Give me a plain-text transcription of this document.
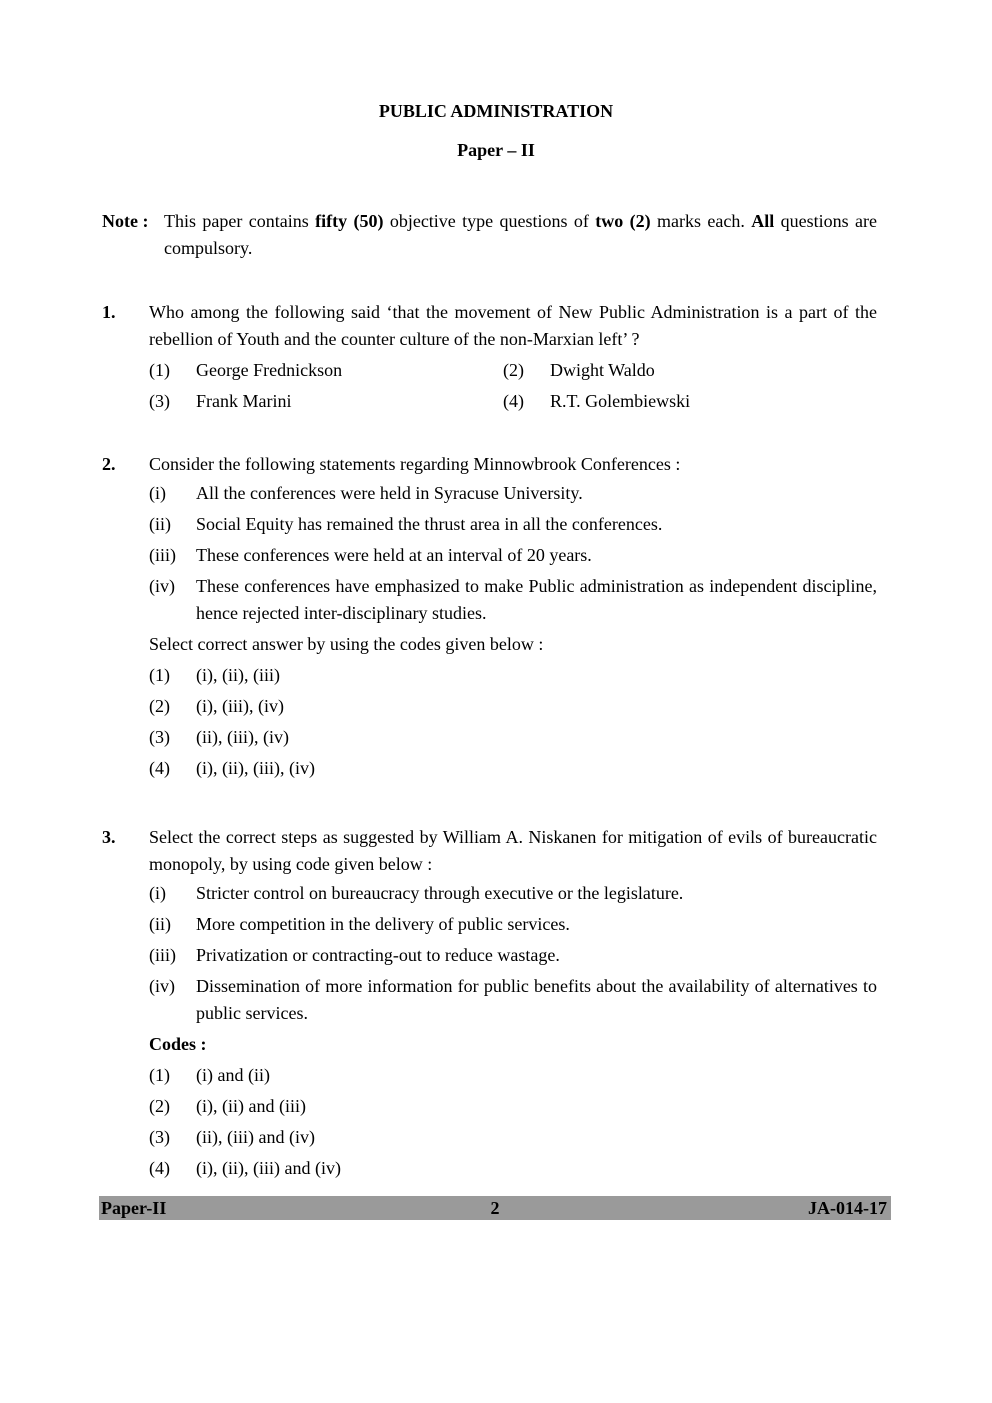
PUBLIC ADMINISTRATION
Paper – II
Note : This paper contains fifty (50) objective type questions of two (2) marks each. All questions are compulsory.
1. Who among the following said ‘that the movement of New Public Administration is a part of the rebellion of Youth and the counter culture of the non-Marxian left’ ?
(1) George Frednickson	(2) Dwight Waldo
(3) Frank Marini	(4) R.T. Golembiewski
2. Consider the following statements regarding Minnowbrook Conferences :
(i) All the conferences were held in Syracuse University.
(ii) Social Equity has remained the thrust area in all the conferences.
(iii) These conferences were held at an interval of 20 years.
(iv) These conferences have emphasized to make Public administration as independent discipline, hence rejected inter-disciplinary studies.
Select correct answer by using the codes given below :
(1) (i), (ii), (iii)
(2) (i), (iii), (iv)
(3) (ii), (iii), (iv)
(4) (i), (ii), (iii), (iv)
3. Select the correct steps as suggested by William A. Niskanen for mitigation of evils of bureaucratic monopoly, by using code given below :
(i) Stricter control on bureaucracy through executive or the legislature.
(ii) More competition in the delivery of public services.
(iii) Privatization or contracting-out to reduce wastage.
(iv) Dissemination of more information for public benefits about the availability of alternatives to public services.
Codes :
(1) (i) and (ii)
(2) (i), (ii) and (iii)
(3) (ii), (iii) and (iv)
(4) (i), (ii), (iii) and (iv)
Paper-II	2	JA-014-17
